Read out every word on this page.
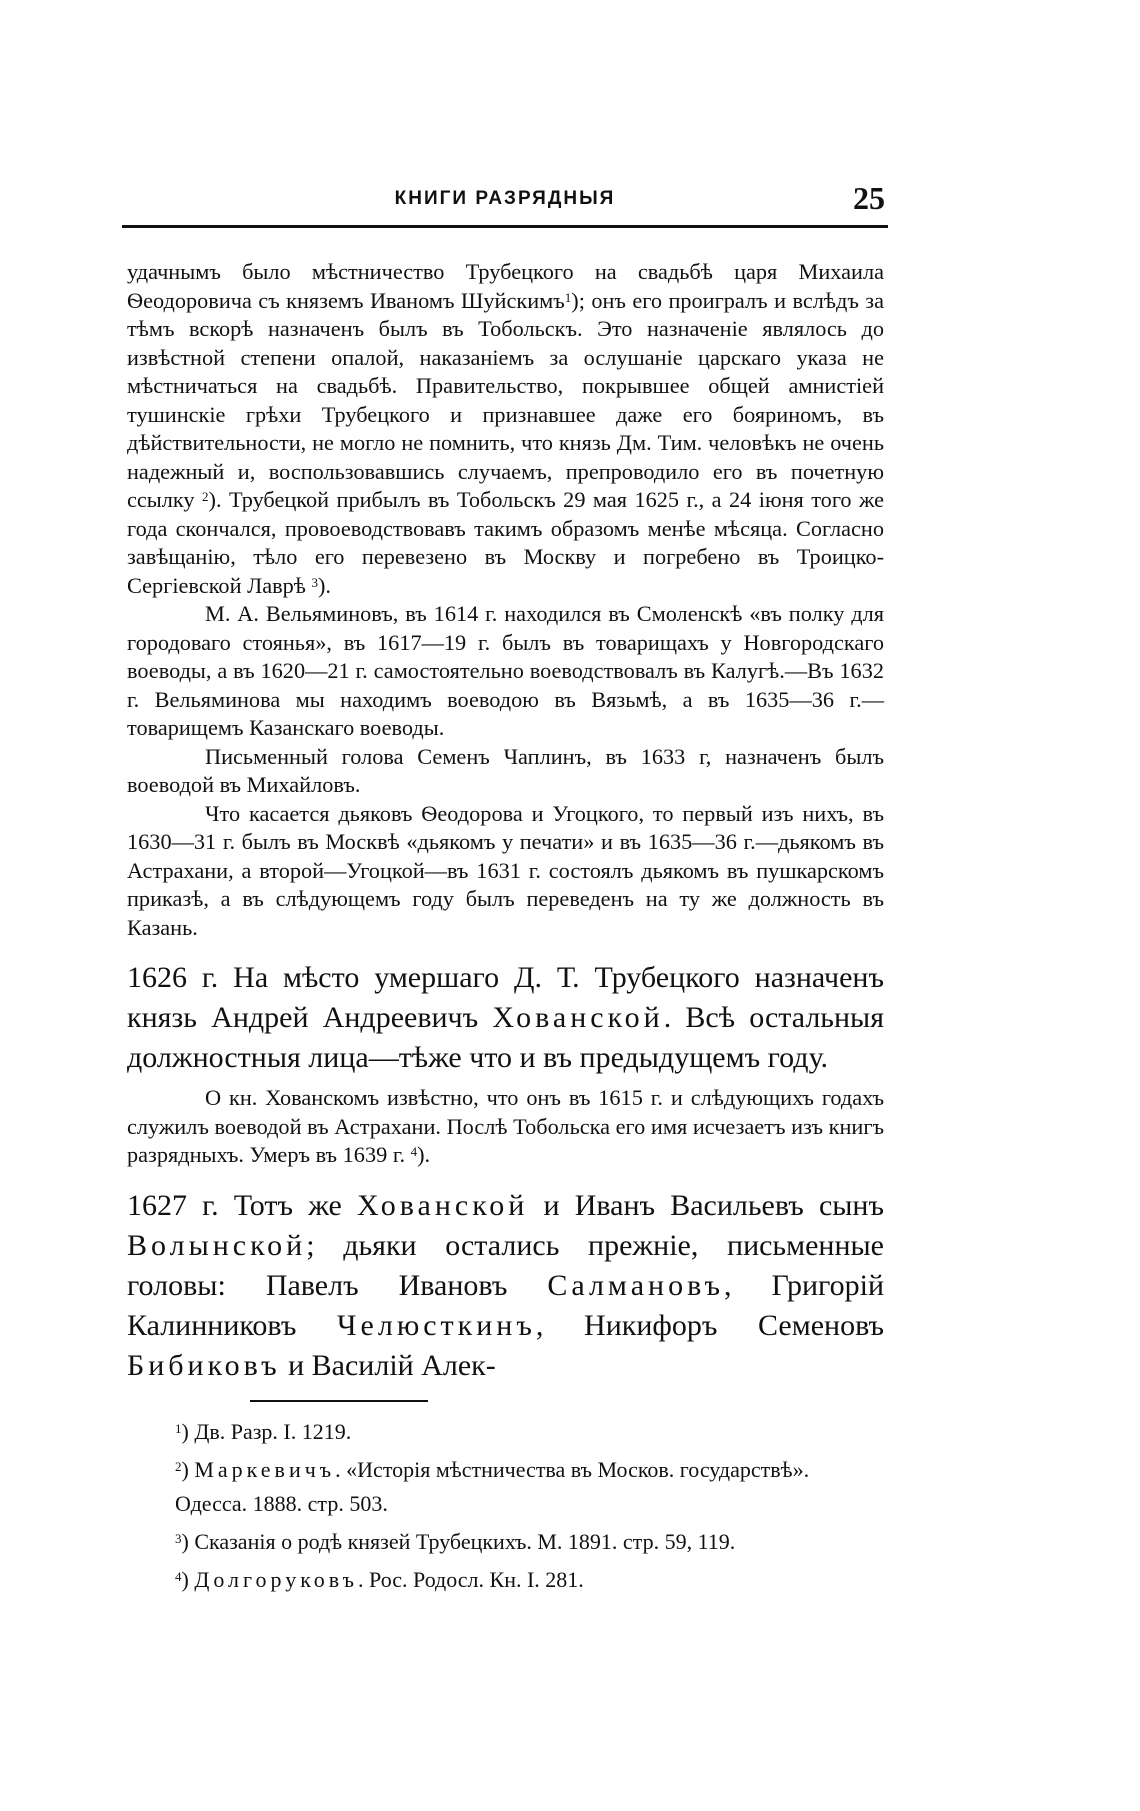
КНИГИ РАЗРЯДНЫЯ	25

удачнымъ было мѣстничество Трубецкого на свадьбѣ царя Михаила Ѳеодоровича съ княземъ Иваномъ Шуйскимъ$^1$); онъ его проигралъ и вслѣдъ за тѣмъ вскорѣ назначенъ былъ въ Тобольскъ. Это назначеніе являлось до извѣстной степени опалой, наказаніемъ за ослушаніе царскаго указа не мѣстничаться на свадьбѣ. Правительство, покрывшее общей амнистіей тушинскіе грѣхи Трубецкого и признавшее даже его бояриномъ, въ дѣйствительности, не могло не помнить, что князь Дм. Тим. человѣкъ не очень надежный и, воспользовавшись случаемъ, препроводило его въ почетную ссылку $^2$). Трубецкой прибылъ въ Тобольскъ 29 мая 1625 г., а 24 іюня того же года скончался, провоеводствовавъ такимъ образомъ менѣе мѣсяца. Согласно завѣщанію, тѣло его перевезено въ Москву и погребено въ Троицко-Сергіевской Лаврѣ $^3$).

М. А. Вельяминовъ, въ 1614 г. находился въ Смоленскѣ «въ полку для городоваго стоянья», въ 1617—19 г. былъ въ товарищахъ у Новгородскаго воеводы, а въ 1620—21 г. самостоятельно воеводствовалъ въ Калугѣ.—Въ 1632 г. Вельяминова мы находимъ воеводою въ Вязьмѣ, а въ 1635—36 г.—товарищемъ Казанскаго воеводы.

Письменный голова Семенъ Чаплинъ, въ 1633 г, назначенъ былъ воеводой въ Михайловъ.

Что касается дьяковъ Ѳеодорова и Угоцкого, то первый изъ нихъ, въ 1630—31 г. былъ въ Москвѣ «дьякомъ у печати» и въ 1635—36 г.—дьякомъ въ Астрахани, а второй—Угоцкой—въ 1631 г. состоялъ дьякомъ въ пушкарскомъ приказѣ, а въ слѣдующемъ году былъ переведенъ на ту же должность въ Казань.

1626 г. На мѣсто умершаго Д. Т. Трубецкого назначенъ князь Андрей Андреевичъ Хованской. Всѣ остальныя должностныя лица—тѣже что и въ предыдущемъ году.

О кн. Хованскомъ извѣстно, что онъ въ 1615 г. и слѣдующихъ годахъ служилъ воеводой въ Астрахани. Послѣ Тобольска его имя исчезаетъ изъ книгъ разрядныхъ. Умеръ въ 1639 г. $^4$).

1627 г. Тотъ же Хованской и Иванъ Васильевъ сынъ Волынской; дьяки остались прежніе, письменные головы: Павелъ Ивановъ Салмановъ, Григорій Калинниковъ Челюсткинъ, Никифоръ Семеновъ Бибиковъ и Василій Алек-

$^1$) Дв. Разр. I. 1219.

$^2$) Маркевичъ. «Исторія мѣстничества въ Москов. государствѣ». Одесса. 1888. стр. 503.

$^3$) Сказанія о родѣ князей Трубецкихъ. М. 1891. стр. 59, 119.

$^4$) Долгоруковъ. Рос. Родосл. Кн. I. 281.
